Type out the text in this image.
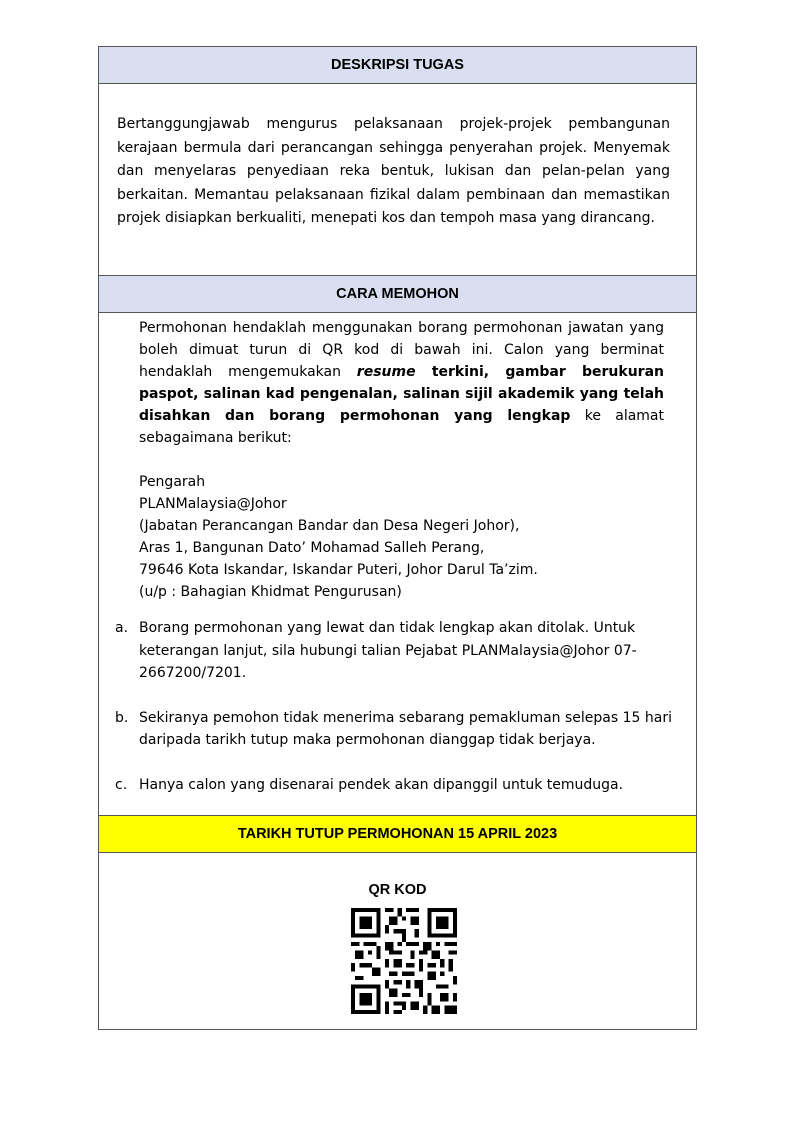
DESKRIPSI TUGAS
Bertanggungjawab mengurus pelaksanaan projek-projek pembangunan kerajaan bermula dari perancangan sehingga penyerahan projek. Menyemak dan menyelaras penyediaan reka bentuk, lukisan dan pelan-pelan yang berkaitan. Memantau pelaksanaan fizikal dalam pembinaan dan memastikan projek disiapkan berkualiti, menepati kos dan tempoh masa yang dirancang.
CARA MEMOHON
Permohonan hendaklah menggunakan borang permohonan jawatan yang boleh dimuat turun di QR kod di bawah ini. Calon yang berminat hendaklah mengemukakan resume terkini, gambar berukuran paspot, salinan kad pengenalan, salinan sijil akademik yang telah disahkan dan borang permohonan yang lengkap ke alamat sebagaimana berikut:
Pengarah
PLANMalaysia@Johor
(Jabatan Perancangan Bandar dan Desa Negeri Johor),
Aras 1, Bangunan Dato’ Mohamad Salleh Perang,
79646 Kota Iskandar, Iskandar Puteri, Johor Darul Ta’zim.
(u/p : Bahagian Khidmat Pengurusan)
a. Borang permohonan yang lewat dan tidak lengkap akan ditolak. Untuk keterangan lanjut, sila hubungi talian Pejabat PLANMalaysia@Johor 07-2667200/7201.
b. Sekiranya pemohon tidak menerima sebarang pemakluman selepas 15 hari daripada tarikh tutup maka permohonan dianggap tidak berjaya.
c. Hanya calon yang disenarai pendek akan dipanggil untuk temuduga.
TARIKH TUTUP PERMOHONAN 15 APRIL 2023
QR KOD
